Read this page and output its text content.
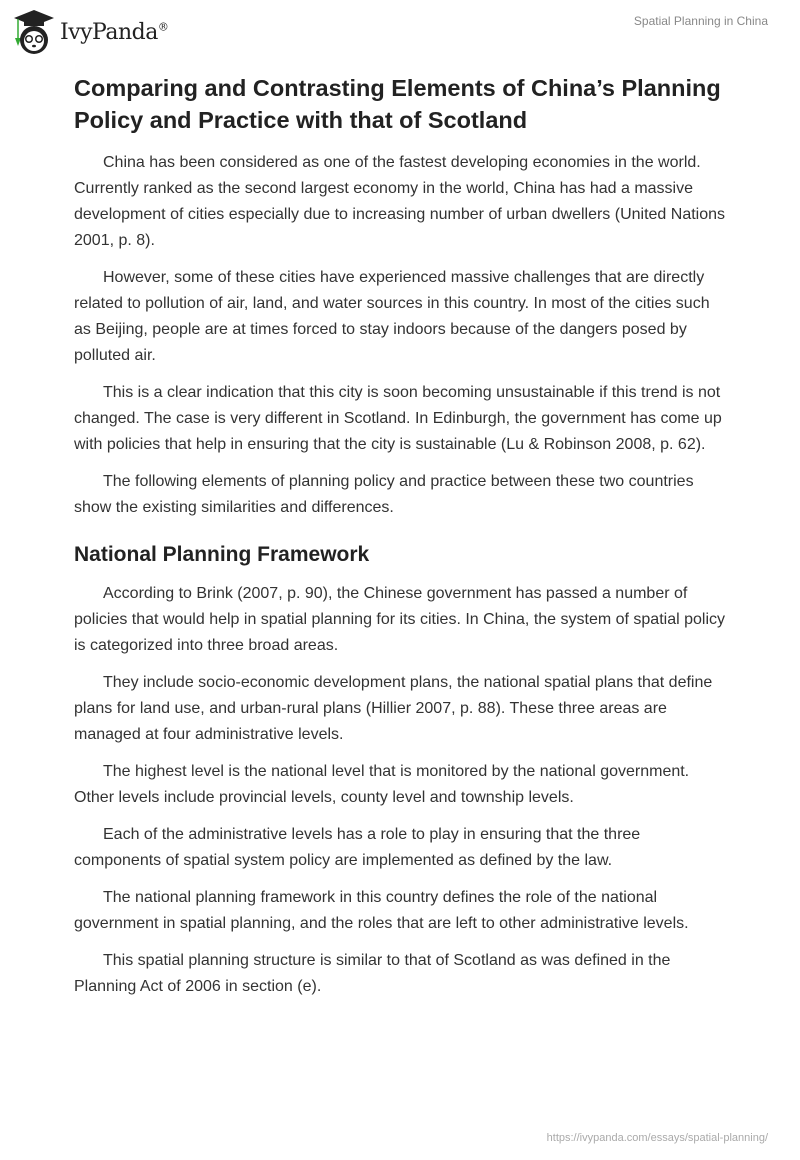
IvyPanda®	Spatial Planning in China
Comparing and Contrasting Elements of China’s Planning Policy and Practice with that of Scotland

China has been considered as one of the fastest developing economies in the world. Currently ranked as the second largest economy in the world, China has had a massive development of cities especially due to increasing number of urban dwellers (United Nations 2001, p. 8).

However, some of these cities have experienced massive challenges that are directly related to pollution of air, land, and water sources in this country. In most of the cities such as Beijing, people are at times forced to stay indoors because of the dangers posed by polluted air.

This is a clear indication that this city is soon becoming unsustainable if this trend is not changed. The case is very different in Scotland. In Edinburgh, the government has come up with policies that help in ensuring that the city is sustainable (Lu & Robinson 2008, p. 62).

The following elements of planning policy and practice between these two countries show the existing similarities and differences.

National Planning Framework

According to Brink (2007, p. 90), the Chinese government has passed a number of policies that would help in spatial planning for its cities. In China, the system of spatial policy is categorized into three broad areas.

They include socio-economic development plans, the national spatial plans that define plans for land use, and urban-rural plans (Hillier 2007, p. 88). These three areas are managed at four administrative levels.

The highest level is the national level that is monitored by the national government. Other levels include provincial levels, county level and township levels.

Each of the administrative levels has a role to play in ensuring that the three components of spatial system policy are implemented as defined by the law.

The national planning framework in this country defines the role of the national government in spatial planning, and the roles that are left to other administrative levels.

This spatial planning structure is similar to that of Scotland as was defined in the Planning Act of 2006 in section (e).

https://ivypanda.com/essays/spatial-planning/
